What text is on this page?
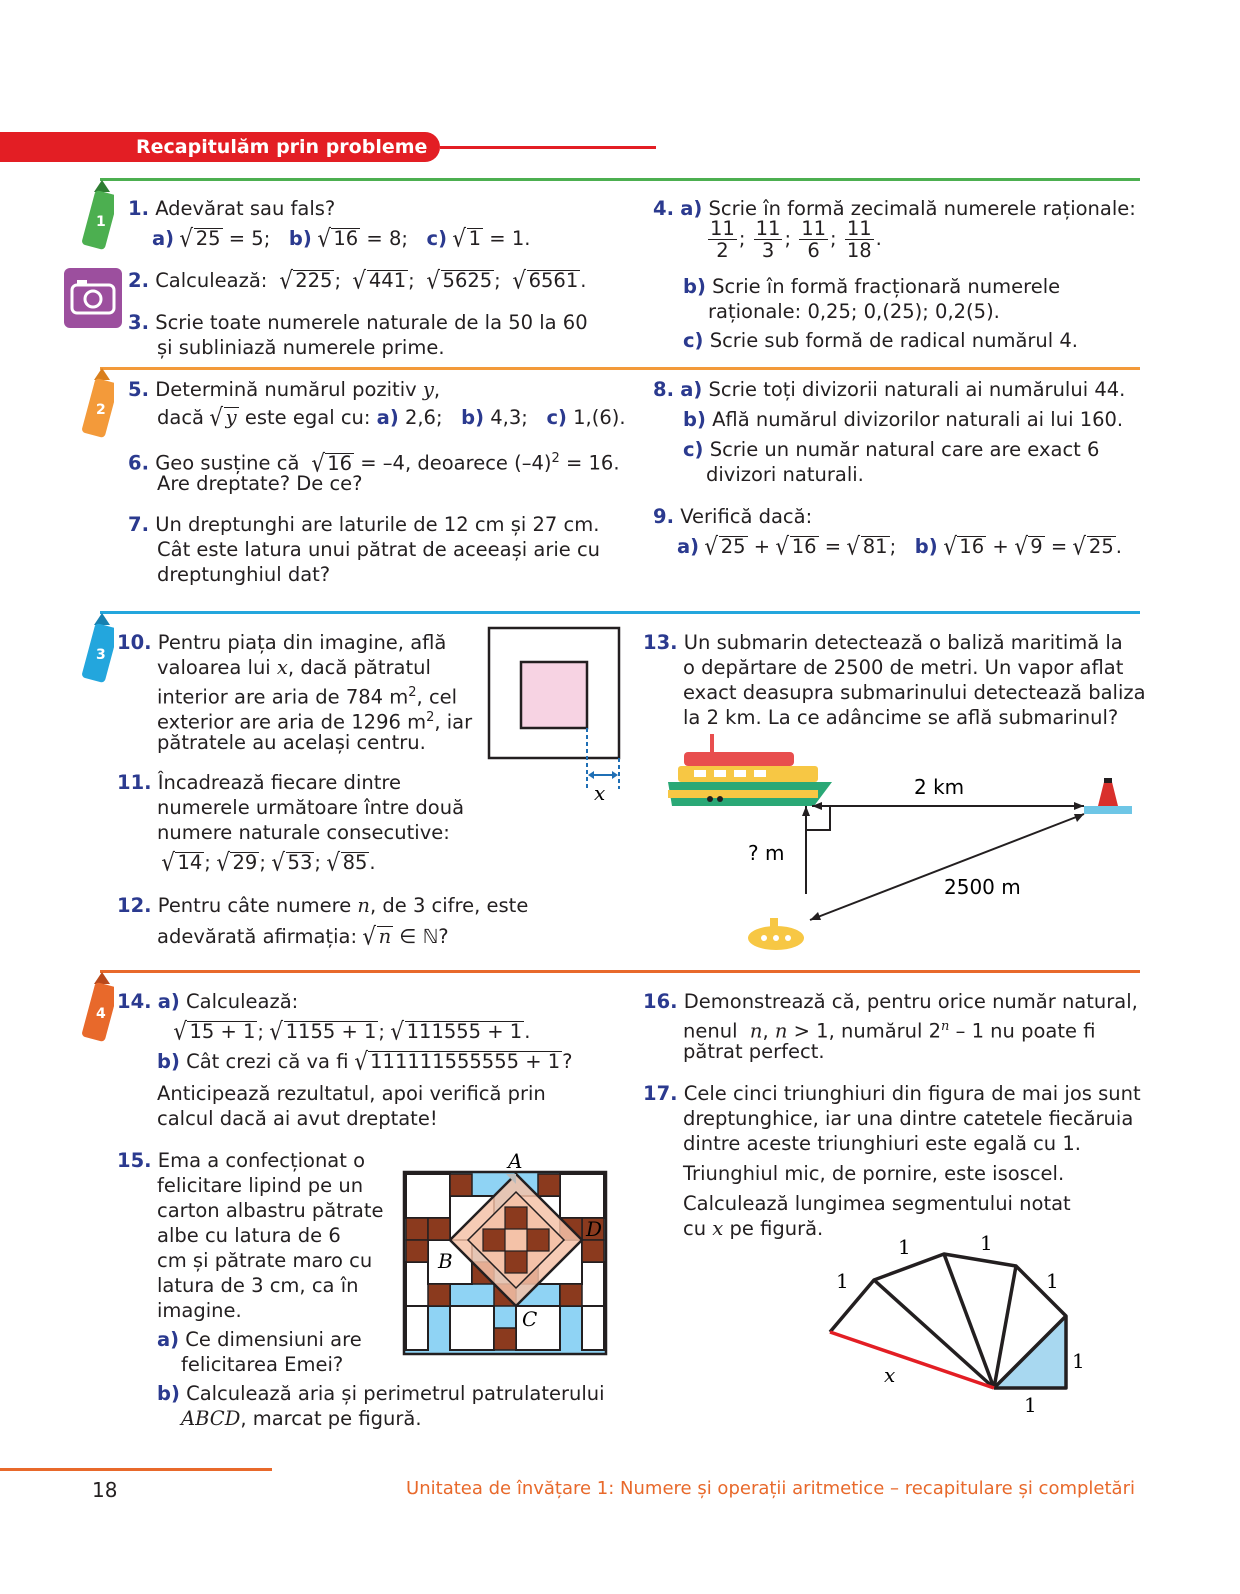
Recapitulăm prin probleme
1
2
3
4
1. Adevărat sau fals?
a) √ 25 = 5; b) √ 16 = 8; c) √ 1 = 1.
2. Calculează: √ 225 ; √ 441 ; √ 5625 ; √ 6561 .
3. Scrie toate numerele naturale de la 50 la 60
și subliniază numerele prime.
5. Determină numărul pozitiv y,
dacă √ y este egal cu: a) 2,6; b) 4,3; c) 1,(6).
6. Geo susține că √ 16 = –4, deoarece $(-4)^2 = 16$.
Are dreptate? De ce?
7. Un dreptunghi are laturile de 12 cm și 27 cm.
Cât este latura unui pătrat de aceeași arie cu
dreptunghiul dat?
10. Pentru piața din imagine, află
valoarea lui x, dacă pătratul
interior are aria de 784 $m^2$, cel
exterior are aria de 1296 $m^2$, iar
pătratele au același centru.
x
11. Încadrează fiecare dintre
numerele următoare între două
numere naturale consecutive:
√ 14 ; √ 29 ; √ 53 ; √ 85 .
12. Pentru câte numere n, de 3 cifre, este
adevărată afirmația: √ n ∈ ℕ?
14. a) Calculează:
√ 15 + 1 ; √ 1155 + 1 ; √ 111555 + 1 .
b) Cât crezi că va fi √ 111111555555 + 1 ?
Anticipează rezultatul, apoi verifică prin
calcul dacă ai avut dreptate!
15. Ema a confecționat o
felicitare lipind pe un
carton albastru pătrate
albe cu latura de 6
cm și pătrate maro cu
latura de 3 cm, ca în
imagine.
a) Ce dimensiuni are
felicitarea Emei?
b) Calculează aria și perimetrul patrulaterului
ABCD, marcat pe figură.
A
B
C
D
4. a) Scrie în formă zecimală numerele raționale:
$\frac{11}{2}$ ; $\frac{11}{3}$ ; $\frac{11}{6}$ ; $\frac{11}{18}$ .
b) Scrie în formă fracționară numerele
raționale: 0,25; 0,(25); 0,2(5).
c) Scrie sub formă de radical numărul 4.
8. a) Scrie toți divizorii naturali ai numărului 44.
b) Află numărul divizorilor naturali ai lui 160.
c) Scrie un număr natural care are exact 6
divizori naturali.
9. Verifică dacă:
a) √ 25 + √ 16 = √ 81 ; b) √ 16 + √ 9 = √ 25 .
13. Un submarin detectează o baliză maritimă la
o depărtare de 2500 de metri. Un vapor aflat
exact deasupra submarinului detectează baliza
la 2 km. La ce adâncime se află submarinul?
2 km
? m
2500 m
16. Demonstrează că, pentru orice număr natural,
nenul n, n > 1, numărul 2$^n$ – 1 nu poate fi
pătrat perfect.
17. Cele cinci triunghiuri din figura de mai jos sunt
dreptunghice, iar una dintre catetele fiecăruia
dintre aceste triunghiuri este egală cu 1.
Triunghiul mic, de pornire, este isoscel.
Calculează lungimea segmentului notat
cu x pe figură.
1
1	1
1
1
1
x
18	Unitatea de învățare 1: Numere și operații aritmetice – recapitulare și completări
